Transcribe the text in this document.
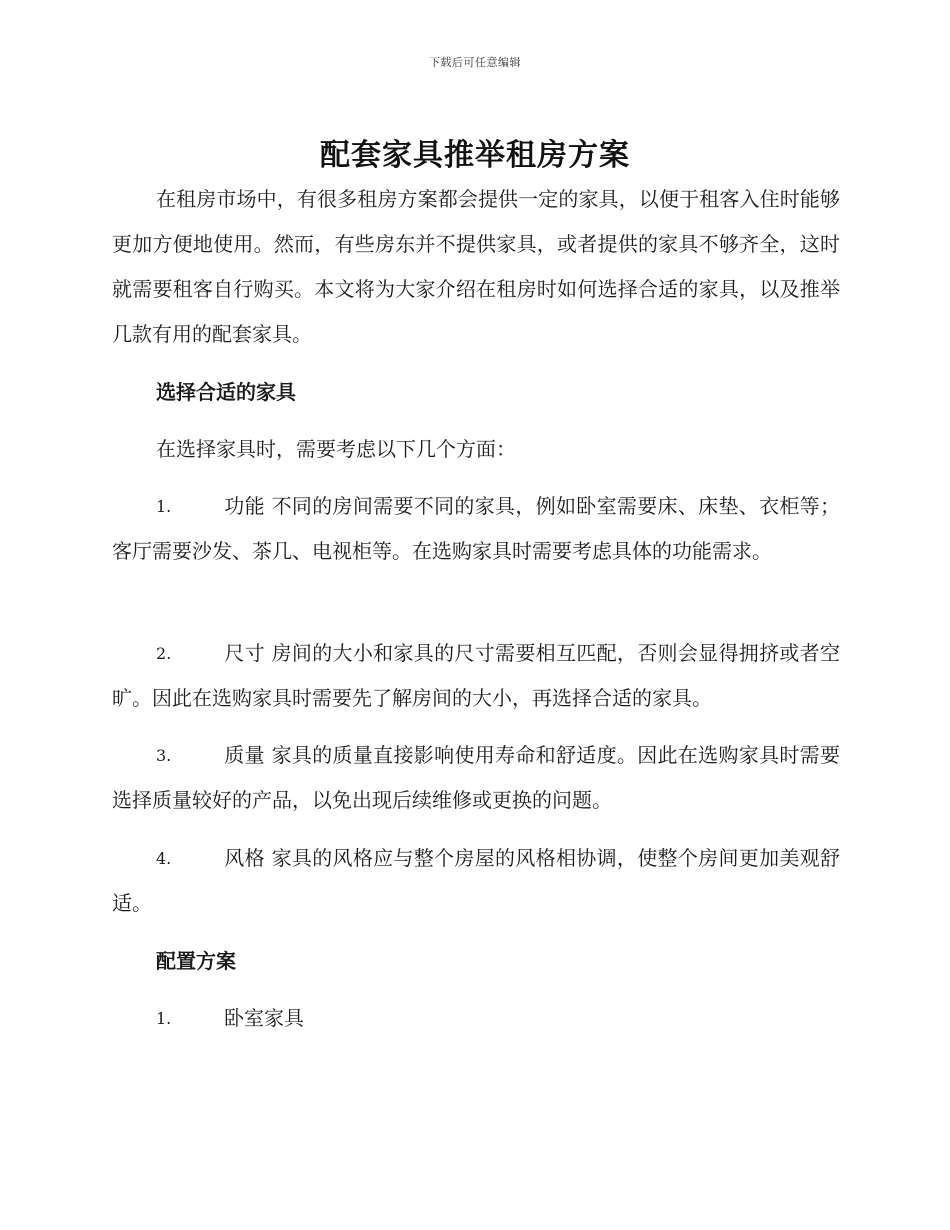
下载后可任意编辑
配套家具推举租房方案

在租房市场中，有很多租房方案都会提供一定的家具，以便于租客入住时能够更加方便地使用。然而，有些房东并不提供家具，或者提供的家具不够齐全，这时就需要租客自行购买。本文将为大家介绍在租房时如何选择合适的家具，以及推举几款有用的配套家具。

选择合适的家具

在选择家具时，需要考虑以下几个方面：

1.	功能 不同的房间需要不同的家具，例如卧室需要床、床垫、衣柜等；客厅需要沙发、茶几、电视柜等。在选购家具时需要考虑具体的功能需求。

2.	尺寸 房间的大小和家具的尺寸需要相互匹配，否则会显得拥挤或者空旷。因此在选购家具时需要先了解房间的大小，再选择合适的家具。

3.	质量 家具的质量直接影响使用寿命和舒适度。因此在选购家具时需要选择质量较好的产品，以免出现后续维修或更换的问题。

4.	风格 家具的风格应与整个房屋的风格相协调，使整个房间更加美观舒适。

配置方案

1.	卧室家具
